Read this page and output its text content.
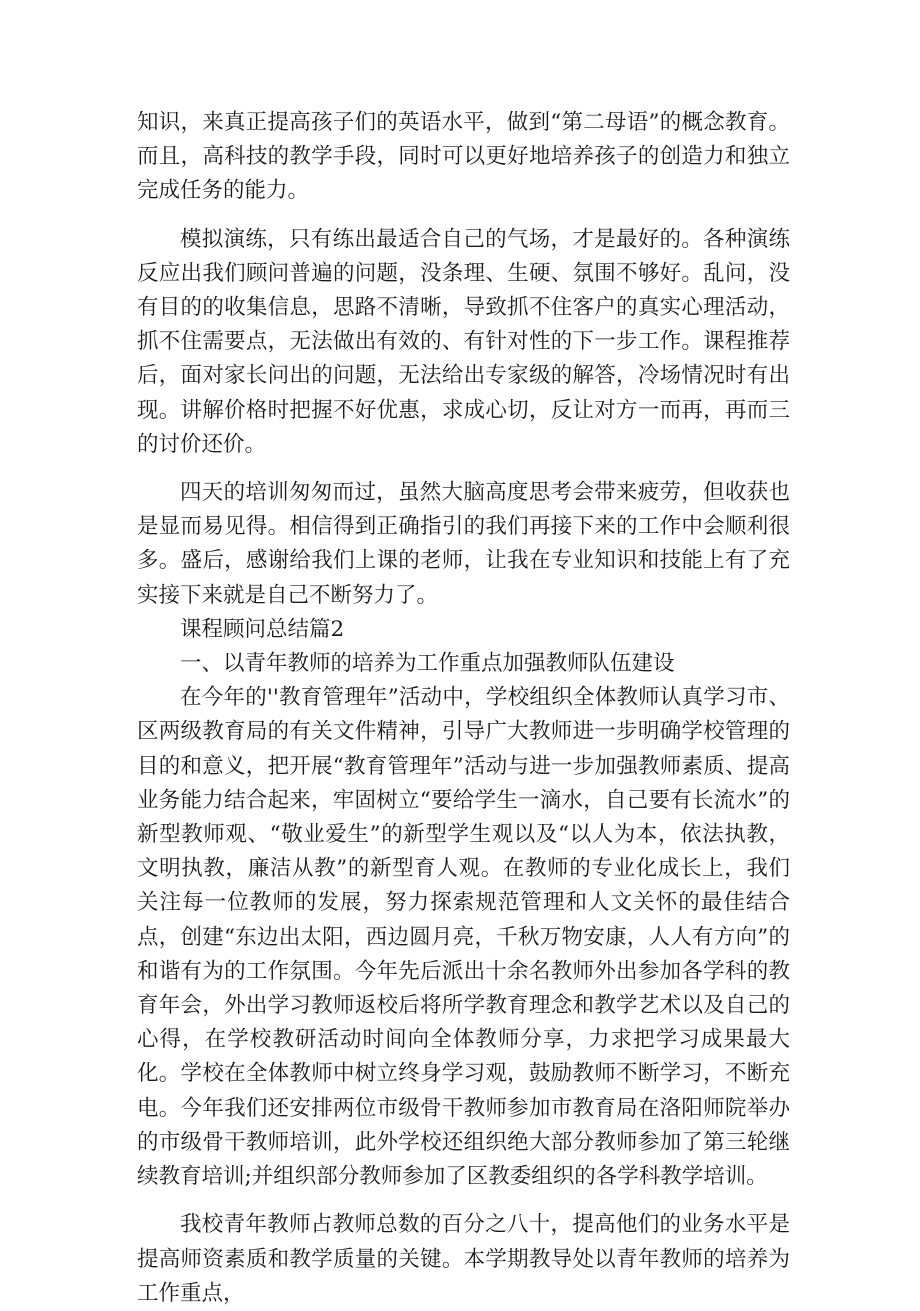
知识，来真正提高孩子们的英语水平，做到“第二母语”的概念教育。而且，高科技的教学手段，同时可以更好地培养孩子的创造力和独立完成任务的能力。

模拟演练，只有练出最适合自己的气场，才是最好的。各种演练反应出我们顾问普遍的问题，没条理、生硬、氛围不够好。乱问，没有目的的收集信息，思路不清晰，导致抓不住客户的真实心理活动，抓不住需要点，无法做出有效的、有针对性的下一步工作。课程推荐后，面对家长问出的问题，无法给出专家级的解答，冷场情况时有出现。讲解价格时把握不好优惠，求成心切，反让对方一而再，再而三的讨价还价。

四天的培训匆匆而过，虽然大脑高度思考会带来疲劳，但收获也是显而易见得。相信得到正确指引的我们再接下来的工作中会顺利很多。盛后，感谢给我们上课的老师，让我在专业知识和技能上有了充实接下来就是自己不断努力了。

课程顾问总结篇2

一、以青年教师的培养为工作重点加强教师队伍建设

在今年的''教育管理年”活动中，学校组织全体教师认真学习市、区两级教育局的有关文件精神，引导广大教师进一步明确学校管理的目的和意义，把开展“教育管理年”活动与进一步加强教师素质、提高业务能力结合起来，牢固树立“要给学生一滴水，自己要有长流水”的新型教师观、“敬业爱生”的新型学生观以及“以人为本，依法执教，文明执教，廉洁从教”的新型育人观。在教师的专业化成长上，我们关注每一位教师的发展，努力探索规范管理和人文关怀的最佳结合点，创建“东边出太阳，西边圆月亮，千秋万物安康，人人有方向”的和谐有为的工作氛围。今年先后派出十余名教师外出参加各学科的教育年会，外出学习教师返校后将所学教育理念和教学艺术以及自己的心得，在学校教研活动时间向全体教师分享，力求把学习成果最大化。学校在全体教师中树立终身学习观，鼓励教师不断学习，不断充电。今年我们还安排两位市级骨干教师参加市教育局在洛阳师院举办的市级骨干教师培训，此外学校还组织绝大部分教师参加了第三轮继续教育培训;并组织部分教师参加了区教委组织的各学科教学培训。

我校青年教师占教师总数的百分之八十，提高他们的业务水平是提高师资素质和教学质量的关键。本学期教导处以青年教师的培养为工作重点，
